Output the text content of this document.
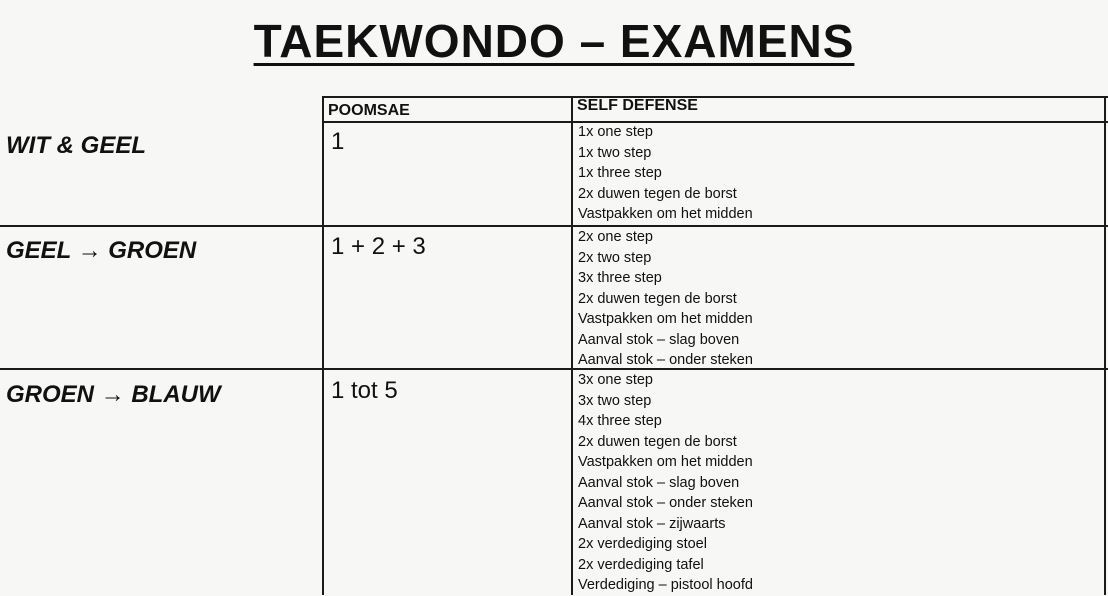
TAEKWONDO – EXAMENS
POOMSAE	SELF DEFENSE
WIT & GEEL	1	1x one step
1x two step
1x three step
2x duwen tegen de borst
Vastpakken om het midden
GEEL → GROEN	1 + 2 + 3	2x one step
2x two step
3x three step
2x duwen tegen de borst
Vastpakken om het midden
Aanval stok – slag boven
Aanval stok – onder steken
GROEN → BLAUW	1 tot 5	3x one step
3x two step
4x three step
2x duwen tegen de borst
Vastpakken om het midden
Aanval stok – slag boven
Aanval stok – onder steken
Aanval stok – zijwaarts
2x verdediging stoel
2x verdediging tafel
Verdediging – pistool hoofd
